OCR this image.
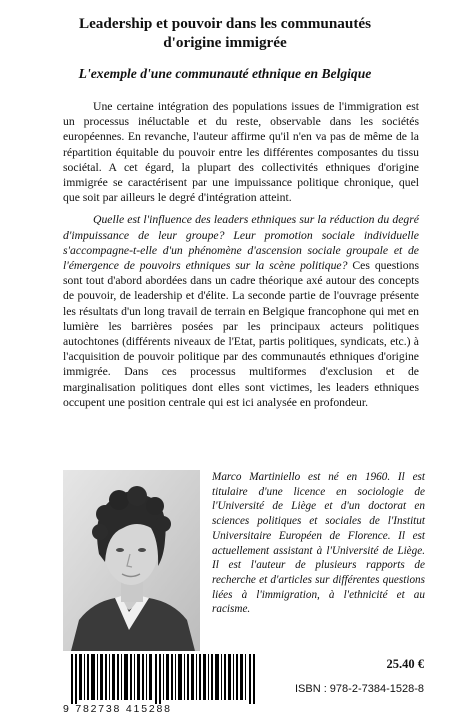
Leadership et pouvoir dans les communautés
d'origine immigrée
L'exemple d'une communauté ethnique en Belgique

Une certaine intégration des populations issues de l'immigration est un processus inéluctable et du reste, observable dans les sociétés européennes. En revanche, l'auteur affirme qu'il n'en va pas de même de la répartition équitable du pouvoir entre les différentes composantes du tissu sociétal. A cet égard, la plupart des collectivités ethniques d'origine immigrée se caractérisent par une impuissance politique chronique, quel que soit par ailleurs le degré d'intégration atteint.

Quelle est l'influence des leaders ethniques sur la réduction du degré d'impuissance de leur groupe? Leur promotion sociale individuelle s'accompagne-t-elle d'un phénomène d'ascension sociale groupale et de l'émergence de pouvoirs ethniques sur la scène politique? Ces questions sont tout d'abord abordées dans un cadre théorique axé autour des concepts de pouvoir, de leadership et d'élite. La seconde partie de l'ouvrage présente les résultats d'un long travail de terrain en Belgique francophone qui met en lumière les barrières posées par les principaux acteurs politiques autochtones (différents niveaux de l'Etat, partis politiques, syndicats, etc.) à l'acquisition de pouvoir politique par des communautés ethniques d'origine immigrée. Dans ces processus multiformes d'exclusion et de marginalisation politiques dont elles sont victimes, les leaders ethniques occupent une position centrale qui est ici analysée en profondeur.

Marco Martiniello est né en 1960. Il est titulaire d'une licence en sociologie de l'Université de Liège et d'un doctorat en sciences politiques et sociales de l'Institut Universitaire Européen de Florence. Il est actuellement assistant à l'Université de Liège. Il est l'auteur de plusieurs rapports de recherche et d'articles sur différentes questions liées à l'immigration, à l'ethnicité et au racisme.
9 782738 415288
25.40 €
ISBN : 978-2-7384-1528-8
